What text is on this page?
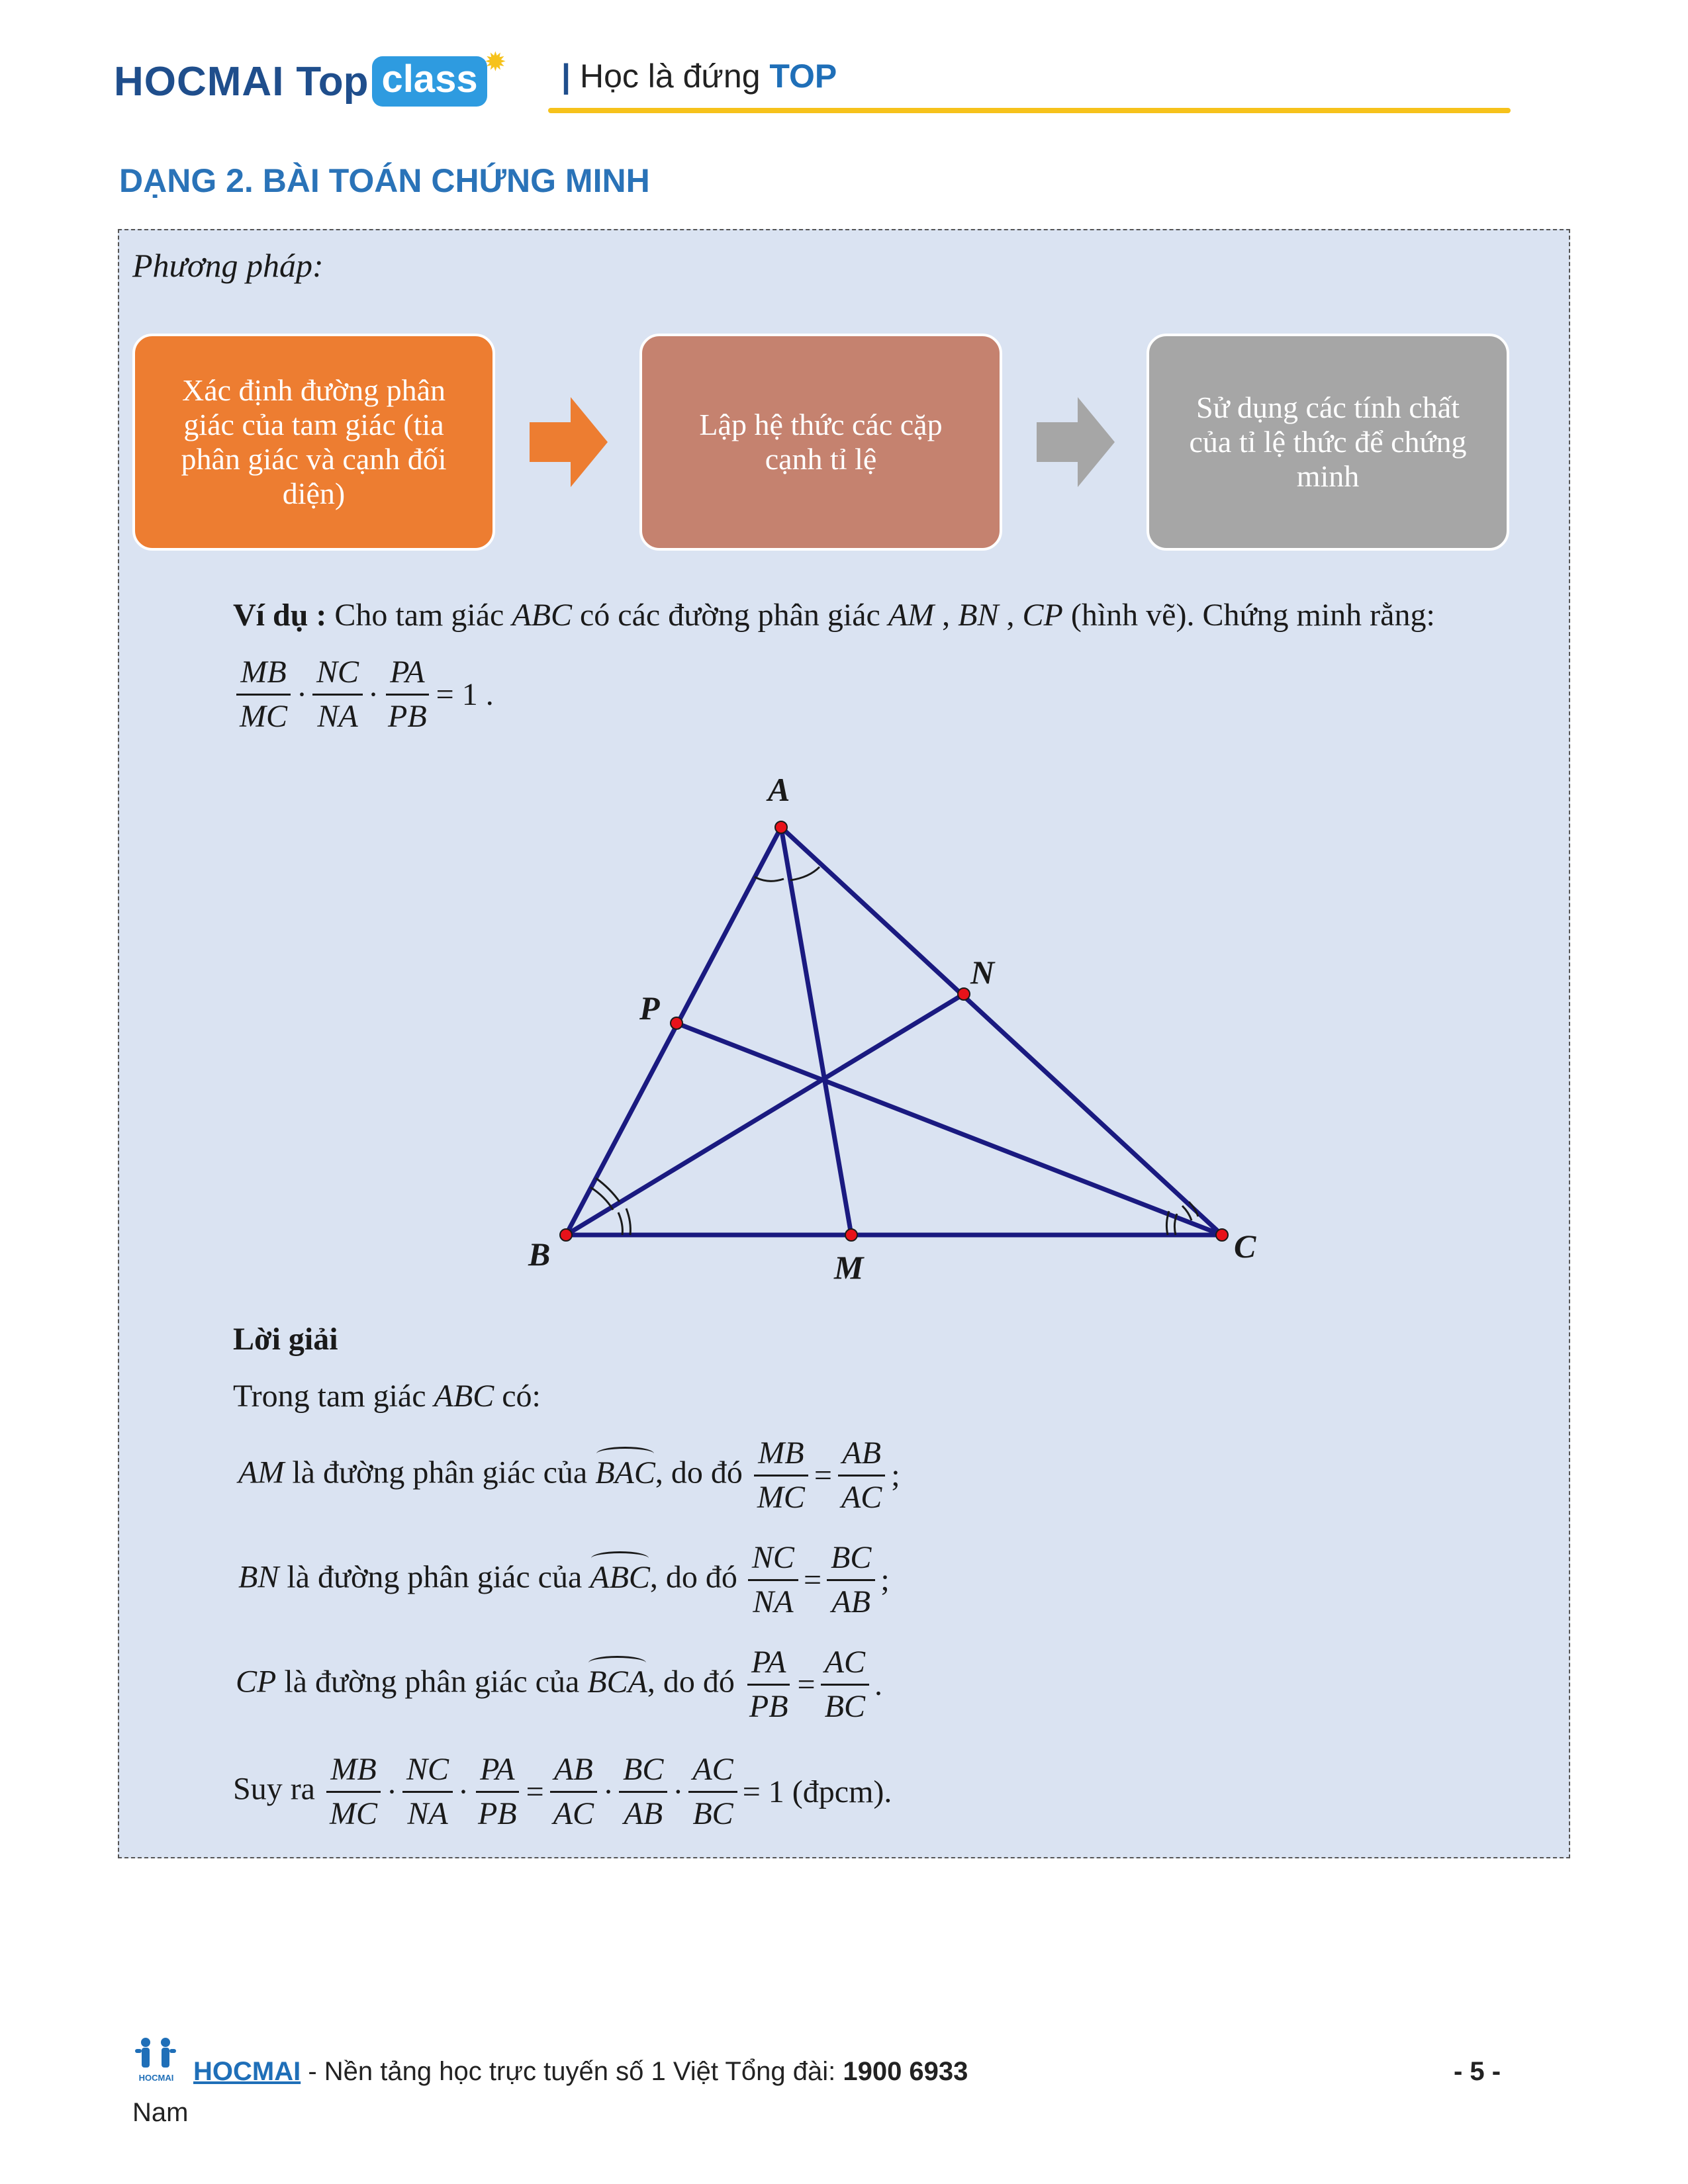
HOCMAI Top class ✹ | Học là đứng TOP
DẠNG 2. BÀI TOÁN CHỨNG MINH
Phương pháp:
Xác định đường phân giác của tam giác (tia phân giác và cạnh đối diện)
Lập hệ thức các cặp cạnh tỉ lệ
Sử dụng các tính chất của tỉ lệ thức để chứng minh
Ví dụ : Cho tam giác ABC có các đường phân giác AM , BN , CP (hình vẽ). Chứng minh rằng:
$\frac{MB}{MC} \cdot \frac{NC}{NA} \cdot \frac{PA}{PB} = 1$ .
A
B	C
M
N
P
Lời giải
Trong tam giác ABC có:
AM là đường phân giác của BAC, do đó $\frac{MB}{MC} = \frac{AB}{AC}$ ;
BN là đường phân giác của ABC, do đó $\frac{NC}{NA} = \frac{BC}{AB}$ ;
CP là đường phân giác của BCA, do đó $\frac{PA}{PB} = \frac{AC}{BC}$ .
Suy ra $\frac{MB}{MC} \cdot \frac{NC}{NA} \cdot \frac{PA}{PB} = \frac{AB}{AC} \cdot \frac{BC}{AB} \cdot \frac{AC}{BC} = 1$ (đpcm).
HOCMAI HOCMAI - Nền tảng học trực tuyến số 1 Việt Tổng đài: 1900 6933
Nam
- 5 -
